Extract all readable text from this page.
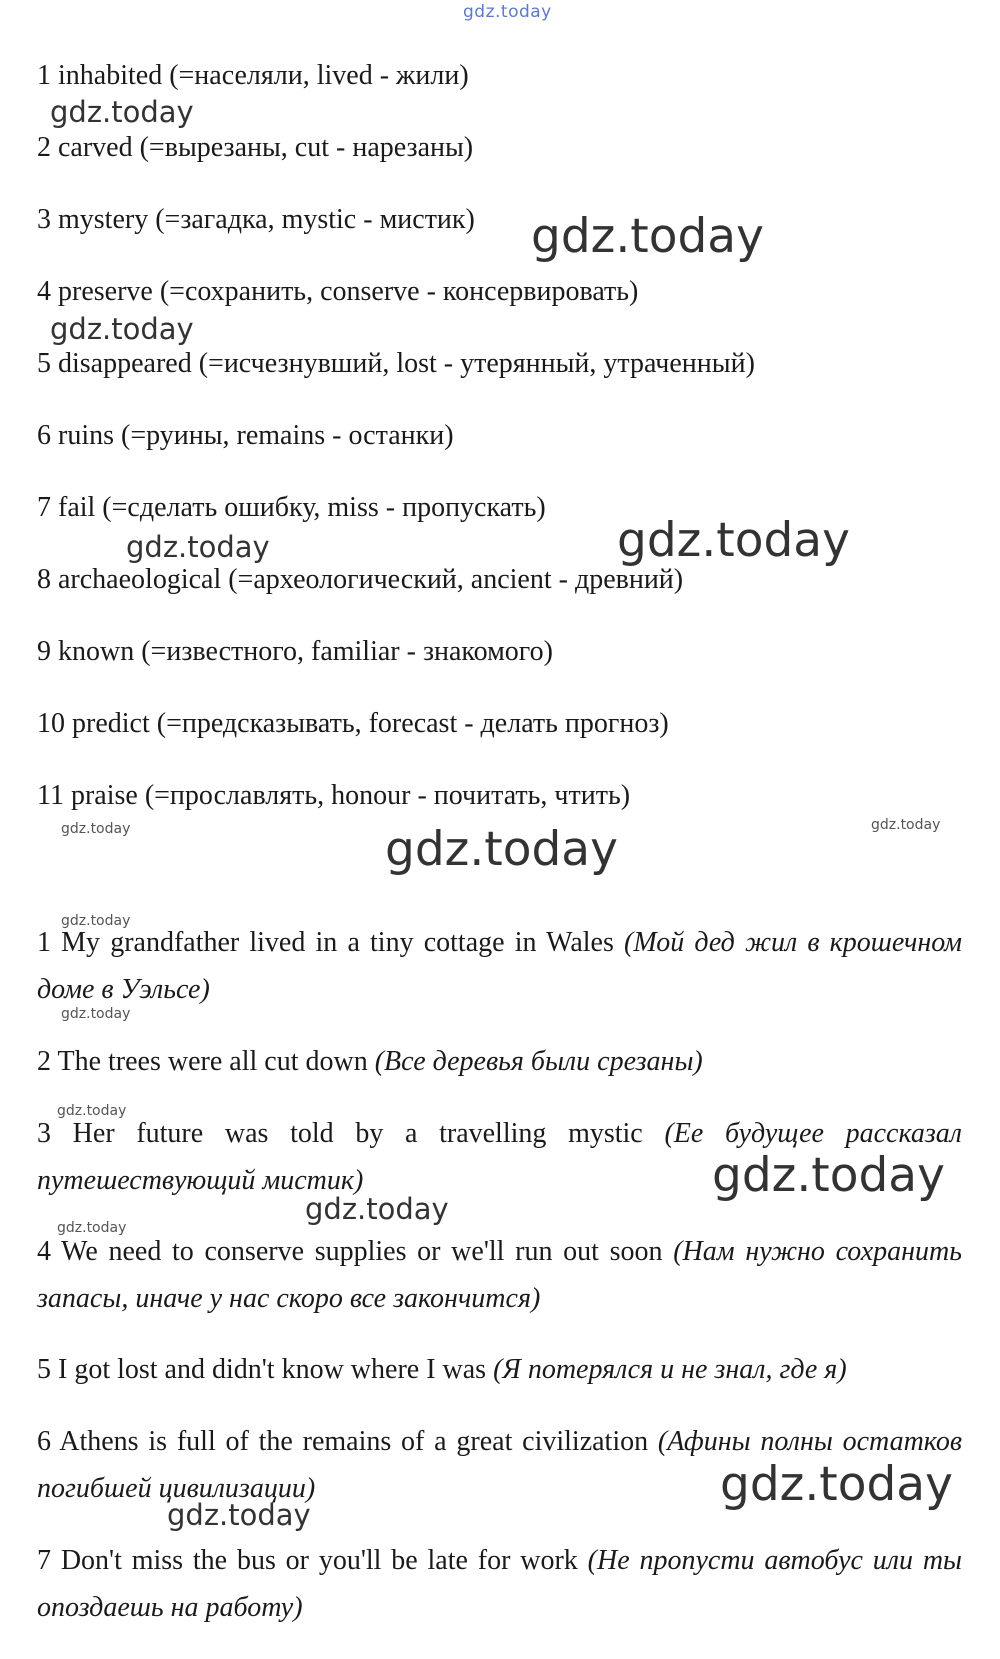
gdz.today
1 inhabited (=населяли, lived - жили)
2 carved (=вырезаны, cut - нарезаны)
3 mystery (=загадка, mystic - мистик)
4 preserve (=сохранить, conserve - консервировать)
5 disappeared (=исчезнувший, lost - утерянный, утраченный)
6 ruins (=руины, remains - останки)
7 fail (=сделать ошибку, miss - пропускать)
8 archaeological (=археологический, ancient - древний)
9 known (=известного, familiar - знакомого)
10 predict (=предсказывать, forecast - делать прогноз)
11 praise (=прославлять, honour - почитать, чтить)
1 My grandfather lived in a tiny cottage in Wales (Мой дед жил в крошечном доме в Уэльсе)
2 The trees were all cut down (Все деревья были срезаны)
3 Her future was told by a travelling mystic (Ее будущее рассказал путешествующий мистик)
4 We need to conserve supplies or we'll run out soon (Нам нужно сохранить запасы, иначе у нас скоро все закончится)
5 I got lost and didn't know where I was (Я потерялся и не знал, где я)
6 Athens is full of the remains of a great civilization (Афины полны остатков погибшей цивилизации)
7 Don't miss the bus or you'll be late for work (Не пропусти автобус или ты опоздаешь на работу)
gdz.today
gdz.today
gdz.today
gdz.today
gdz.today
gdz.today	gdz.today
gdz.today
gdz.today
gdz.today
gdz.today
gdz.today
gdz.today
gdz.today
gdz.today
gdz.today
